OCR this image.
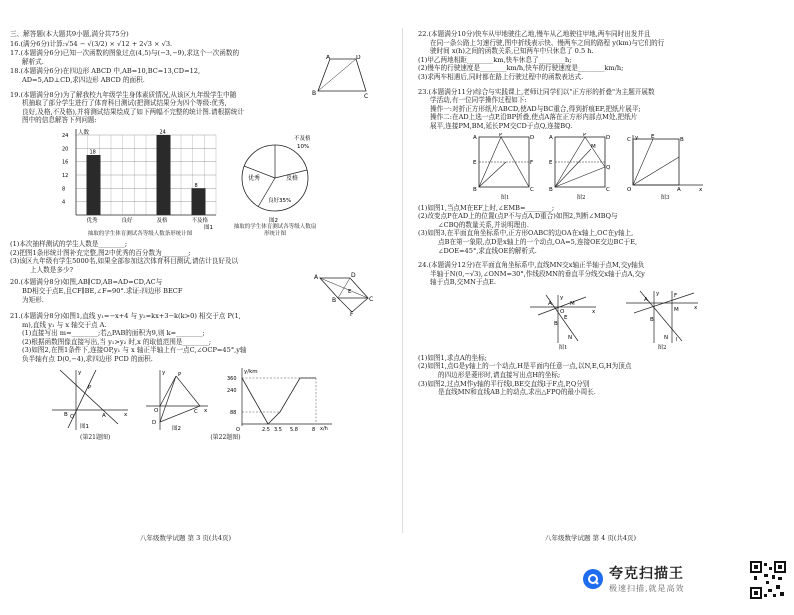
三、解答题(本大题共9小题,满分共75分)
16.(满分6分)计算:√54 − √(3/2) × √12 + 2√3 × √3.
17.(本题满分6分)已知一次函数的图象过点(4,5)与(−3,−9),求这个一次函数的
解析式.
18.(本题满分6分)在四边形 ABCD 中,AB=10,BC=13,CD=12,
AD=5,AD⊥CD,求四边形 ABCD 的面积.
A	D
B	C
19.(本题满分8分)为了解我校九年级学生身体素质情况,从该区九年级学生中随
机抽取了部分学生进行了体育科目测试(把测试结果分为四个等级:优秀,
良好,及格,不及格),并将测试结果绘成了如下两幅不完整的统计图.请根据统计
图中的信息解答下列问题:
4
8
12
16
20
24 人数
18
优秀	良好
24
及格
8
不及格
图1
抽取的学生体育测试各等级人数条形统计图
不及格
10%
优秀
良好35%
及格
图2
抽取的学生体育测试各等级人数扇形统计图
(1)本次抽样测试的学生人数是________;
(2)把图1条形统计图补充完整,图2中优秀的百分数为________;
(3)该区九年级有学生5000名,如果全部参加这次体育科目测试,请估计良好及以
上人数是多少?
20.(本题满分8分)如图,AB∥CD,AB=AD=CD,AC与
BD相交于点E,且CF∥BE,∠F=90°.求证:四边形 BECF
为矩形.
A	D
B	C
E
F
21.(本题满分8分)如图1,直线 y₁=−x+4 与 y₂=kx+3−k(k>0) 相交于点 P(1,
m),直线 y₁ 与 x 轴交于点 A.
(1)直接写出 m=________;若△PAB的面积为9,则 k=________;
(2)根据函数图像直接写出,当 y₁>y₂ 时,x 的取值范围是________;
(3)如图2,在图1条件下,连接OP,y₁ 与 x 轴正半轴上有一点C,∠OCP=45°,y轴
负半轴有点 D(0,−4),求四边形 PCD 的面积.
y
x
O
B	A
P
图1
y
x
P
C
O
D
图2
y/km
x/h
360
240
88
O	2.5 3.5 5.8	8
(第21题图)	(第22题图)
八年级数学试题 第 3 页(共4页)
22.(本题满分10分)快车从甲地驶往乙地,慢车从乙地驶往甲地,两车同时出发并且
在同一条公路上匀速行驶,图中折线表示快、慢两车之间的路程 y(km)与它们的行
驶时间 x(h)之间的函数关系,已知两车中只休息了 0.5 h.
(1)甲乙两地相距________km,快车休息了________h;
(2)慢车的行驶速度是________km/h,快车的行驶速度是________km/h;
(3)求两车相遇后,同时都在路上行驶过程中的函数表达式.
23.(本题满分11分)综合与实践课上,老师让同学们以"正方形的折叠"为主题开展数
学活动,有一位同学操作过程如下:
操作一:对折正方形纸片ABCD,使AD与BC重合,得到折痕EF,把纸片展平;
操作二:在AD上选一点P,沿BP折叠,使点A落在正方形内部点M处,把纸片
展平,连接PM,BM,延长PM交CD于点Q,连接BQ.
A	P	D
E	F
B	C
图1
A	P	D
E
M
Q
B	C
图2
y
x
C	E	B
O	A
图3
(1)如图1,当点M在EF上时,∠EMB=________;
(2)改变点P在AD上的位置(点P不与点A,D重合)如图2,判断∠MBQ与
∠CBQ的数量关系,并说明理由.
(3)如图3,在平面直角坐标系中,正方形OABC的边OA在x轴上,OC在y轴上,
点B在第一象限,点D是x轴上的一个动点,OA=5,连接OE交边BC于E,
∠DOE=45°,求直线OE的解析式.
24.(本题满分12分)在平面直角坐标系中,直线MN交x轴正半轴于点M,交y轴负
半轴于N(0,−√3),∠ONM=30°,作线段MN的垂直平分线交x轴于点A,交y
轴于点B,交MN于点E.
y
x
A
O
M
B
E
N
图1
y
x
A
F
M
B
l
N
图2
(1)如图1,求点A的坐标;
(2)如图1,点G是y轴上的一个动点,H是平面内任意一点,以N,E,G,H为顶点
的四边形是菱形时,请直接写出点H的坐标;
(3)如图2,过点M作y轴的平行线l,BE交直线l于F点,P,Q分别
是直线MN和直线AB上的动点,求出△FPQ的最小周长.
八年级数学试题 第 4 页(共4页)
夸克扫描王
极速扫描,就是高效
